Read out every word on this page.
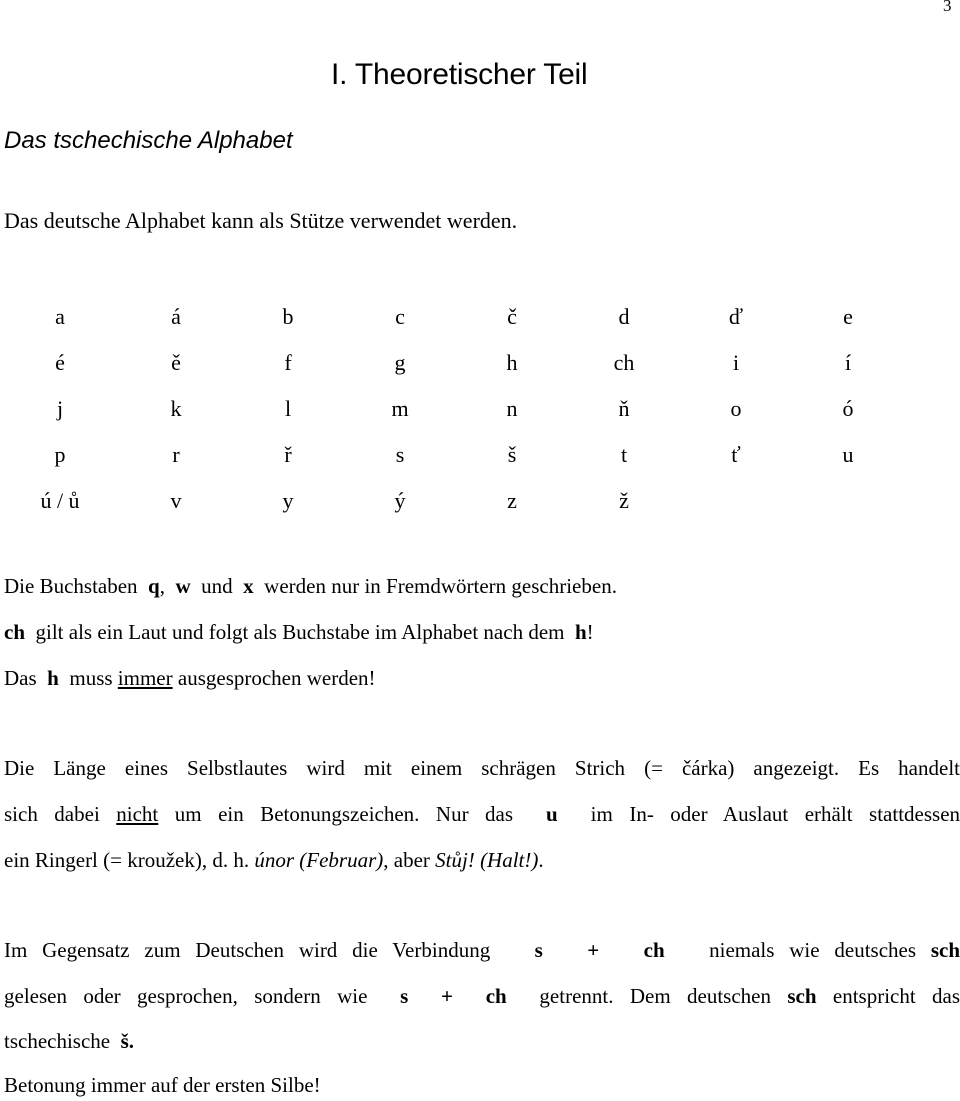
3
I. Theoretischer Teil
Das tschechische Alphabet
Das deutsche Alphabet kann als Stütze verwendet werden.
a	á	b	c	č	d	ď	e
é	ě	f	g	h	ch	i	í
j	k	l	m	n	ň	o	ó
p	r	ř	s	š	t	ť	u
ú / ů	v	y	ý	z	ž		
Die Buchstaben q, w und x werden nur in Fremdwörtern geschrieben.
ch gilt als ein Laut und folgt als Buchstabe im Alphabet nach dem h!
Das h muss immer ausgesprochen werden!
Die Länge eines Selbstlautes wird mit einem schrägen Strich (= čárka) angezeigt. Es handelt
sich dabei nicht um ein Betonungszeichen. Nur das u im In- oder Auslaut erhält stattdessen
ein Ringerl (= kroužek), d. h. únor (Februar), aber Stůj! (Halt!).
Im Gegensatz zum Deutschen wird die Verbindung s + ch niemals wie deutsches sch
gelesen oder gesprochen, sondern wie s + ch getrennt. Dem deutschen sch entspricht das
tschechische š.
Betonung immer auf der ersten Silbe!
